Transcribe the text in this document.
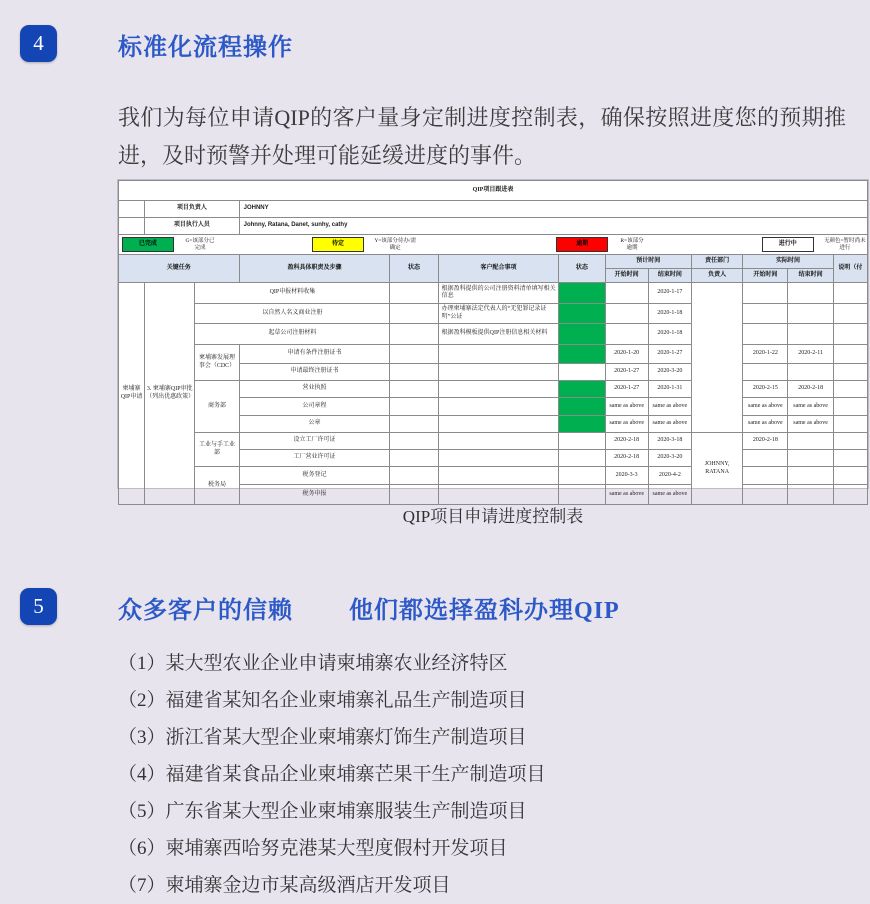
4	标准化流程操作
我们为每位申请QIP的客户量身定制进度控制表，确保按照进度您的预期推进，及时预警并处理可能延缓进度的事件。
QIP项目跟进表												
	项目负责人		JOHNNY									
	项目执行人员		Johnny, Ratana, Danet, sunhy, cathy									

已完成
G=该部分已完成
待定
Y=该部分待办/需确定
逾期
R=该部分逾期
进行中
无颜色=暂时尚未进行

关键任务			盈科具体职责及步骤	状态	客户配合事项	状态	预计时间		责任部门	实际时间		说明（付
							开始时间	结束时间	负责人	开始时间	结束时间	
柬埔寨QIP申请	3. 柬埔寨QIP审批（列出优惠政策）	QIP申报材料收集			根据盈科提供的公司注册资料清单填写相关信息			2020-1-17				
		以自然人名义商业注册			办理柬埔寨法定代表人的“无犯罪记录证明”公证			2020-1-18				
		起草公司注册材料			根据盈科模板提供QIP注册信息相关材料			2020-1-18				
		柬埔寨发展理事会（CDC）	申请有条件注册证书				2020-1-20	2020-1-27		2020-1-22	2020-2-11	
			申请最终注册证书				2020-1-27	2020-3-20				
		商务部	营业执照				2020-1-27	2020-1-31		2020-2-15	2020-2-18	
			公司章程				same as above	same as above		same as above	same as above	
			公章				same as above	same as above		same as above	same as above	
		工业与手工业部	设立工厂许可证				2020-2-18	2020-3-18	JOHNNY, RATANA	2020-2-18		
			工厂营业许可证				2020-2-18	2020-3-20				
		税务局	税务登记				2020-3-3	2020-4-2				
			税务申报				same as above	same as above				
QIP项目申请进度控制表
5	众多客户的信赖 他们都选择盈科办理QIP
（1）某大型农业企业申请柬埔寨农业经济特区
（2）福建省某知名企业柬埔寨礼品生产制造项目
（3）浙江省某大型企业柬埔寨灯饰生产制造项目
（4）福建省某食品企业柬埔寨芒果干生产制造项目
（5）广东省某大型企业柬埔寨服装生产制造项目
（6）柬埔寨西哈努克港某大型度假村开发项目
（7）柬埔寨金边市某高级酒店开发项目
